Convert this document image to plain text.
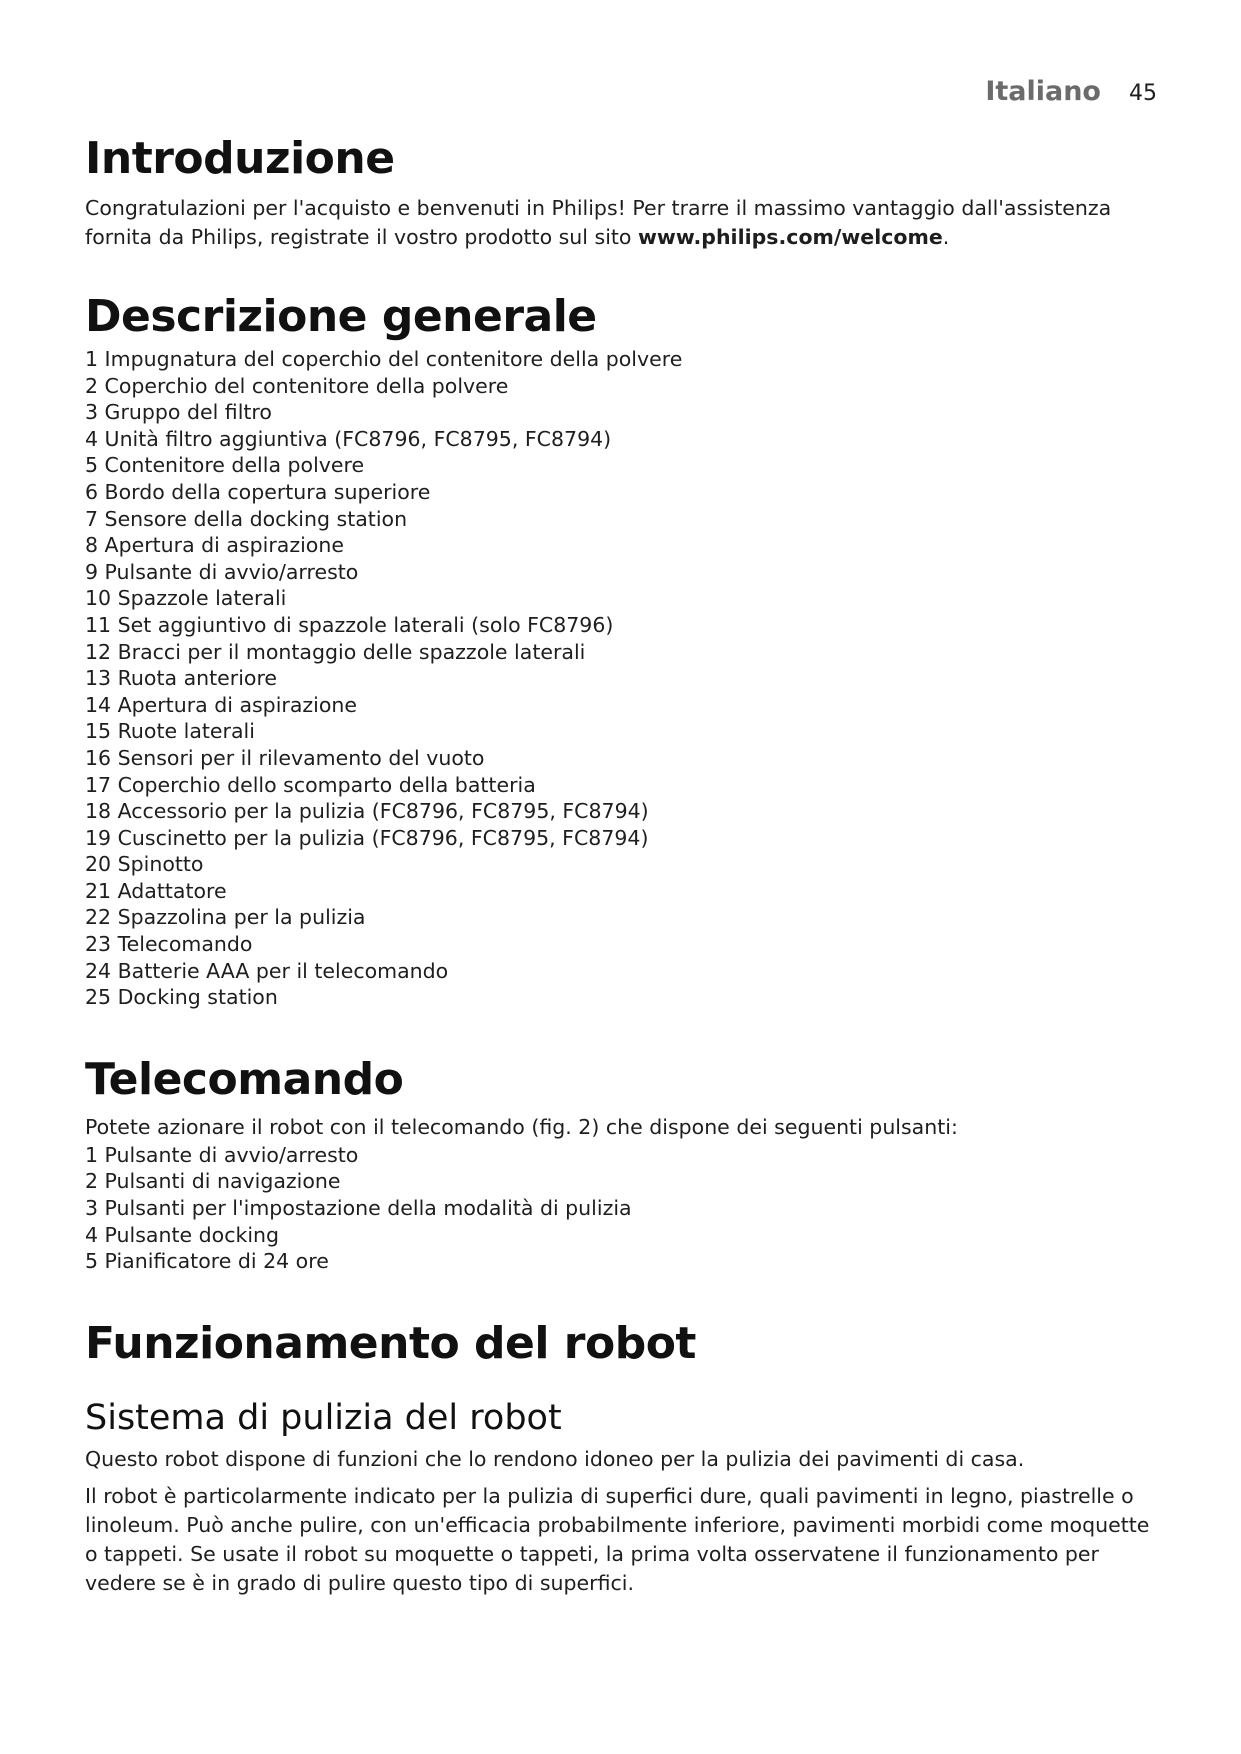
Italiano 45
Introduzione

Congratulazioni per l'acquisto e benvenuti in Philips! Per trarre il massimo vantaggio dall'assistenza fornita da Philips, registrate il vostro prodotto sul sito www.philips.com/welcome.

Descrizione generale
1 Impugnatura del coperchio del contenitore della polvere
2 Coperchio del contenitore della polvere
3 Gruppo del filtro
4 Unità filtro aggiuntiva (FC8796, FC8795, FC8794)
5 Contenitore della polvere
6 Bordo della copertura superiore
7 Sensore della docking station
8 Apertura di aspirazione
9 Pulsante di avvio/arresto
10 Spazzole laterali
11 Set aggiuntivo di spazzole laterali (solo FC8796)
12 Bracci per il montaggio delle spazzole laterali
13 Ruota anteriore
14 Apertura di aspirazione
15 Ruote laterali
16 Sensori per il rilevamento del vuoto
17 Coperchio dello scomparto della batteria
18 Accessorio per la pulizia (FC8796, FC8795, FC8794)
19 Cuscinetto per la pulizia (FC8796, FC8795, FC8794)
20 Spinotto
21 Adattatore
22 Spazzolina per la pulizia
23 Telecomando
24 Batterie AAA per il telecomando
25 Docking station
Telecomando

Potete azionare il robot con il telecomando (fig. 2) che dispone dei seguenti pulsanti:

1 Pulsante di avvio/arresto
2 Pulsanti di navigazione
3 Pulsanti per l'impostazione della modalità di pulizia
4 Pulsante docking
5 Pianificatore di 24 ore
Funzionamento del robot
Sistema di pulizia del robot

Questo robot dispone di funzioni che lo rendono idoneo per la pulizia dei pavimenti di casa.

Il robot è particolarmente indicato per la pulizia di superfici dure, quali pavimenti in legno, piastrelle o linoleum. Può anche pulire, con un'efficacia probabilmente inferiore, pavimenti morbidi come moquette o tappeti. Se usate il robot su moquette o tappeti, la prima volta osservatene il funzionamento per vedere se è in grado di pulire questo tipo di superfici.
